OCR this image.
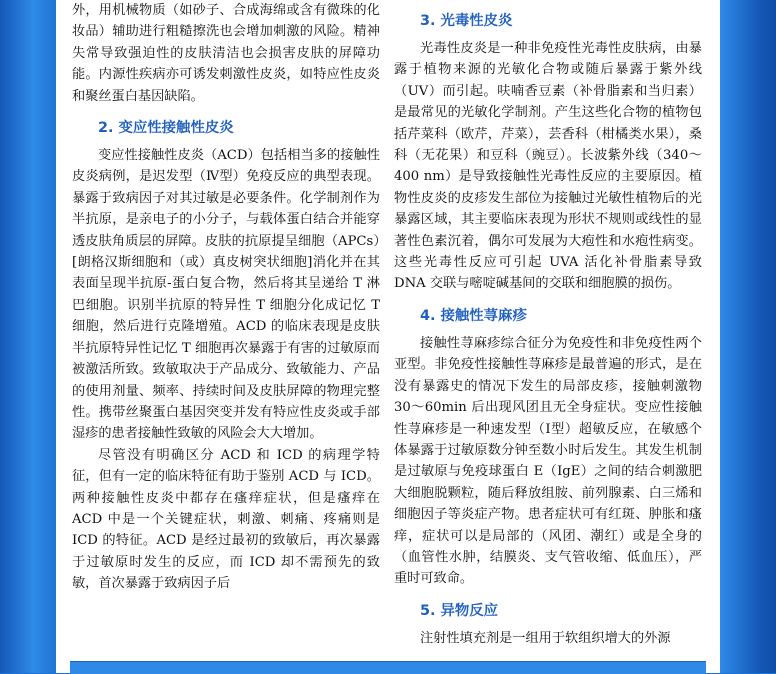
外，用机械物质（如砂子、合成海绵或含有微珠的化妆品）辅助进行粗糙擦洗也会增加刺激的风险。精神失常导致强迫性的皮肤清洁也会损害皮肤的屏障功能。内源性疾病亦可诱发刺激性皮炎，如特应性皮炎和聚丝蛋白基因缺陷。

2. 变应性接触性皮炎

变应性接触性皮炎（ACD）包括相当多的接触性皮炎病例，是迟发型（Ⅳ型）免疫反应的典型表现。暴露于致病因子对其过敏是必要条件。化学制剂作为半抗原，是亲电子的小分子，与载体蛋白结合并能穿透皮肤角质层的屏障。皮肤的抗原提呈细胞（APCs）[朗格汉斯细胞和（或）真皮树突状细胞]消化并在其表面呈现半抗原-蛋白复合物，然后将其呈递给 T 淋巴细胞。识别半抗原的特异性 T 细胞分化成记忆 T 细胞，然后进行克隆增殖。ACD 的临床表现是皮肤半抗原特异性记忆 T 细胞再次暴露于有害的过敏原而被激活所致。致敏取决于产品成分、致敏能力、产品的使用剂量、频率、持续时间及皮肤屏障的物理完整性。携带丝聚蛋白基因突变并发有特应性皮炎或手部湿疹的患者接触性致敏的风险会大大增加。

尽管没有明确区分 ACD 和 ICD 的病理学特征，但有一定的临床特征有助于鉴别 ACD 与 ICD。两种接触性皮炎中都存在瘙痒症状，但是瘙痒在 ACD 中是一个关键症状，刺激、刺痛、疼痛则是 ICD 的特征。ACD 是经过最初的致敏后，再次暴露于过敏原时发生的反应，而 ICD 却不需预先的致敏，首次暴露于致病因子后

3. 光毒性皮炎

光毒性皮炎是一种非免疫性光毒性皮肤病，由暴露于植物来源的光敏化合物或随后暴露于紫外线（UV）而引起。呋喃香豆素（补骨脂素和当归素）是最常见的光敏化学制剂。产生这些化合物的植物包括芹菜科（欧芹，芹菜），芸香科（柑橘类水果），桑科（无花果）和豆科（豌豆）。长波紫外线（340～400 nm）是导致接触性光毒性反应的主要原因。植物性皮炎的皮疹发生部位为接触过光敏性植物后的光暴露区域，其主要临床表现为形状不规则或线性的显著性色素沉着，偶尔可发展为大疱性和水疱性病变。这些光毒性反应可引起 UVA 活化补骨脂素导致 DNA 交联与嘧啶碱基间的交联和细胞膜的损伤。

4. 接触性荨麻疹

接触性荨麻疹综合征分为免疫性和非免疫性两个亚型。非免疫性接触性荨麻疹是最普遍的形式，是在没有暴露史的情况下发生的局部皮疹，接触刺激物 30～60min 后出现风团且无全身症状。变应性接触性荨麻疹是一种速发型（Ⅰ型）超敏反应，在敏感个体暴露于过敏原数分钟至数小时后发生。其发生机制是过敏原与免疫球蛋白 E（IgE）之间的结合刺激肥大细胞脱颗粒，随后释放组胺、前列腺素、白三烯和细胞因子等炎症产物。患者症状可有红斑、肿胀和瘙痒，症状可以是局部的（风团、潮红）或是全身的（血管性水肿，结膜炎、支气管收缩、低血压），严重时可致命。

5. 异物反应

注射性填充剂是一组用于软组织增大的外源
